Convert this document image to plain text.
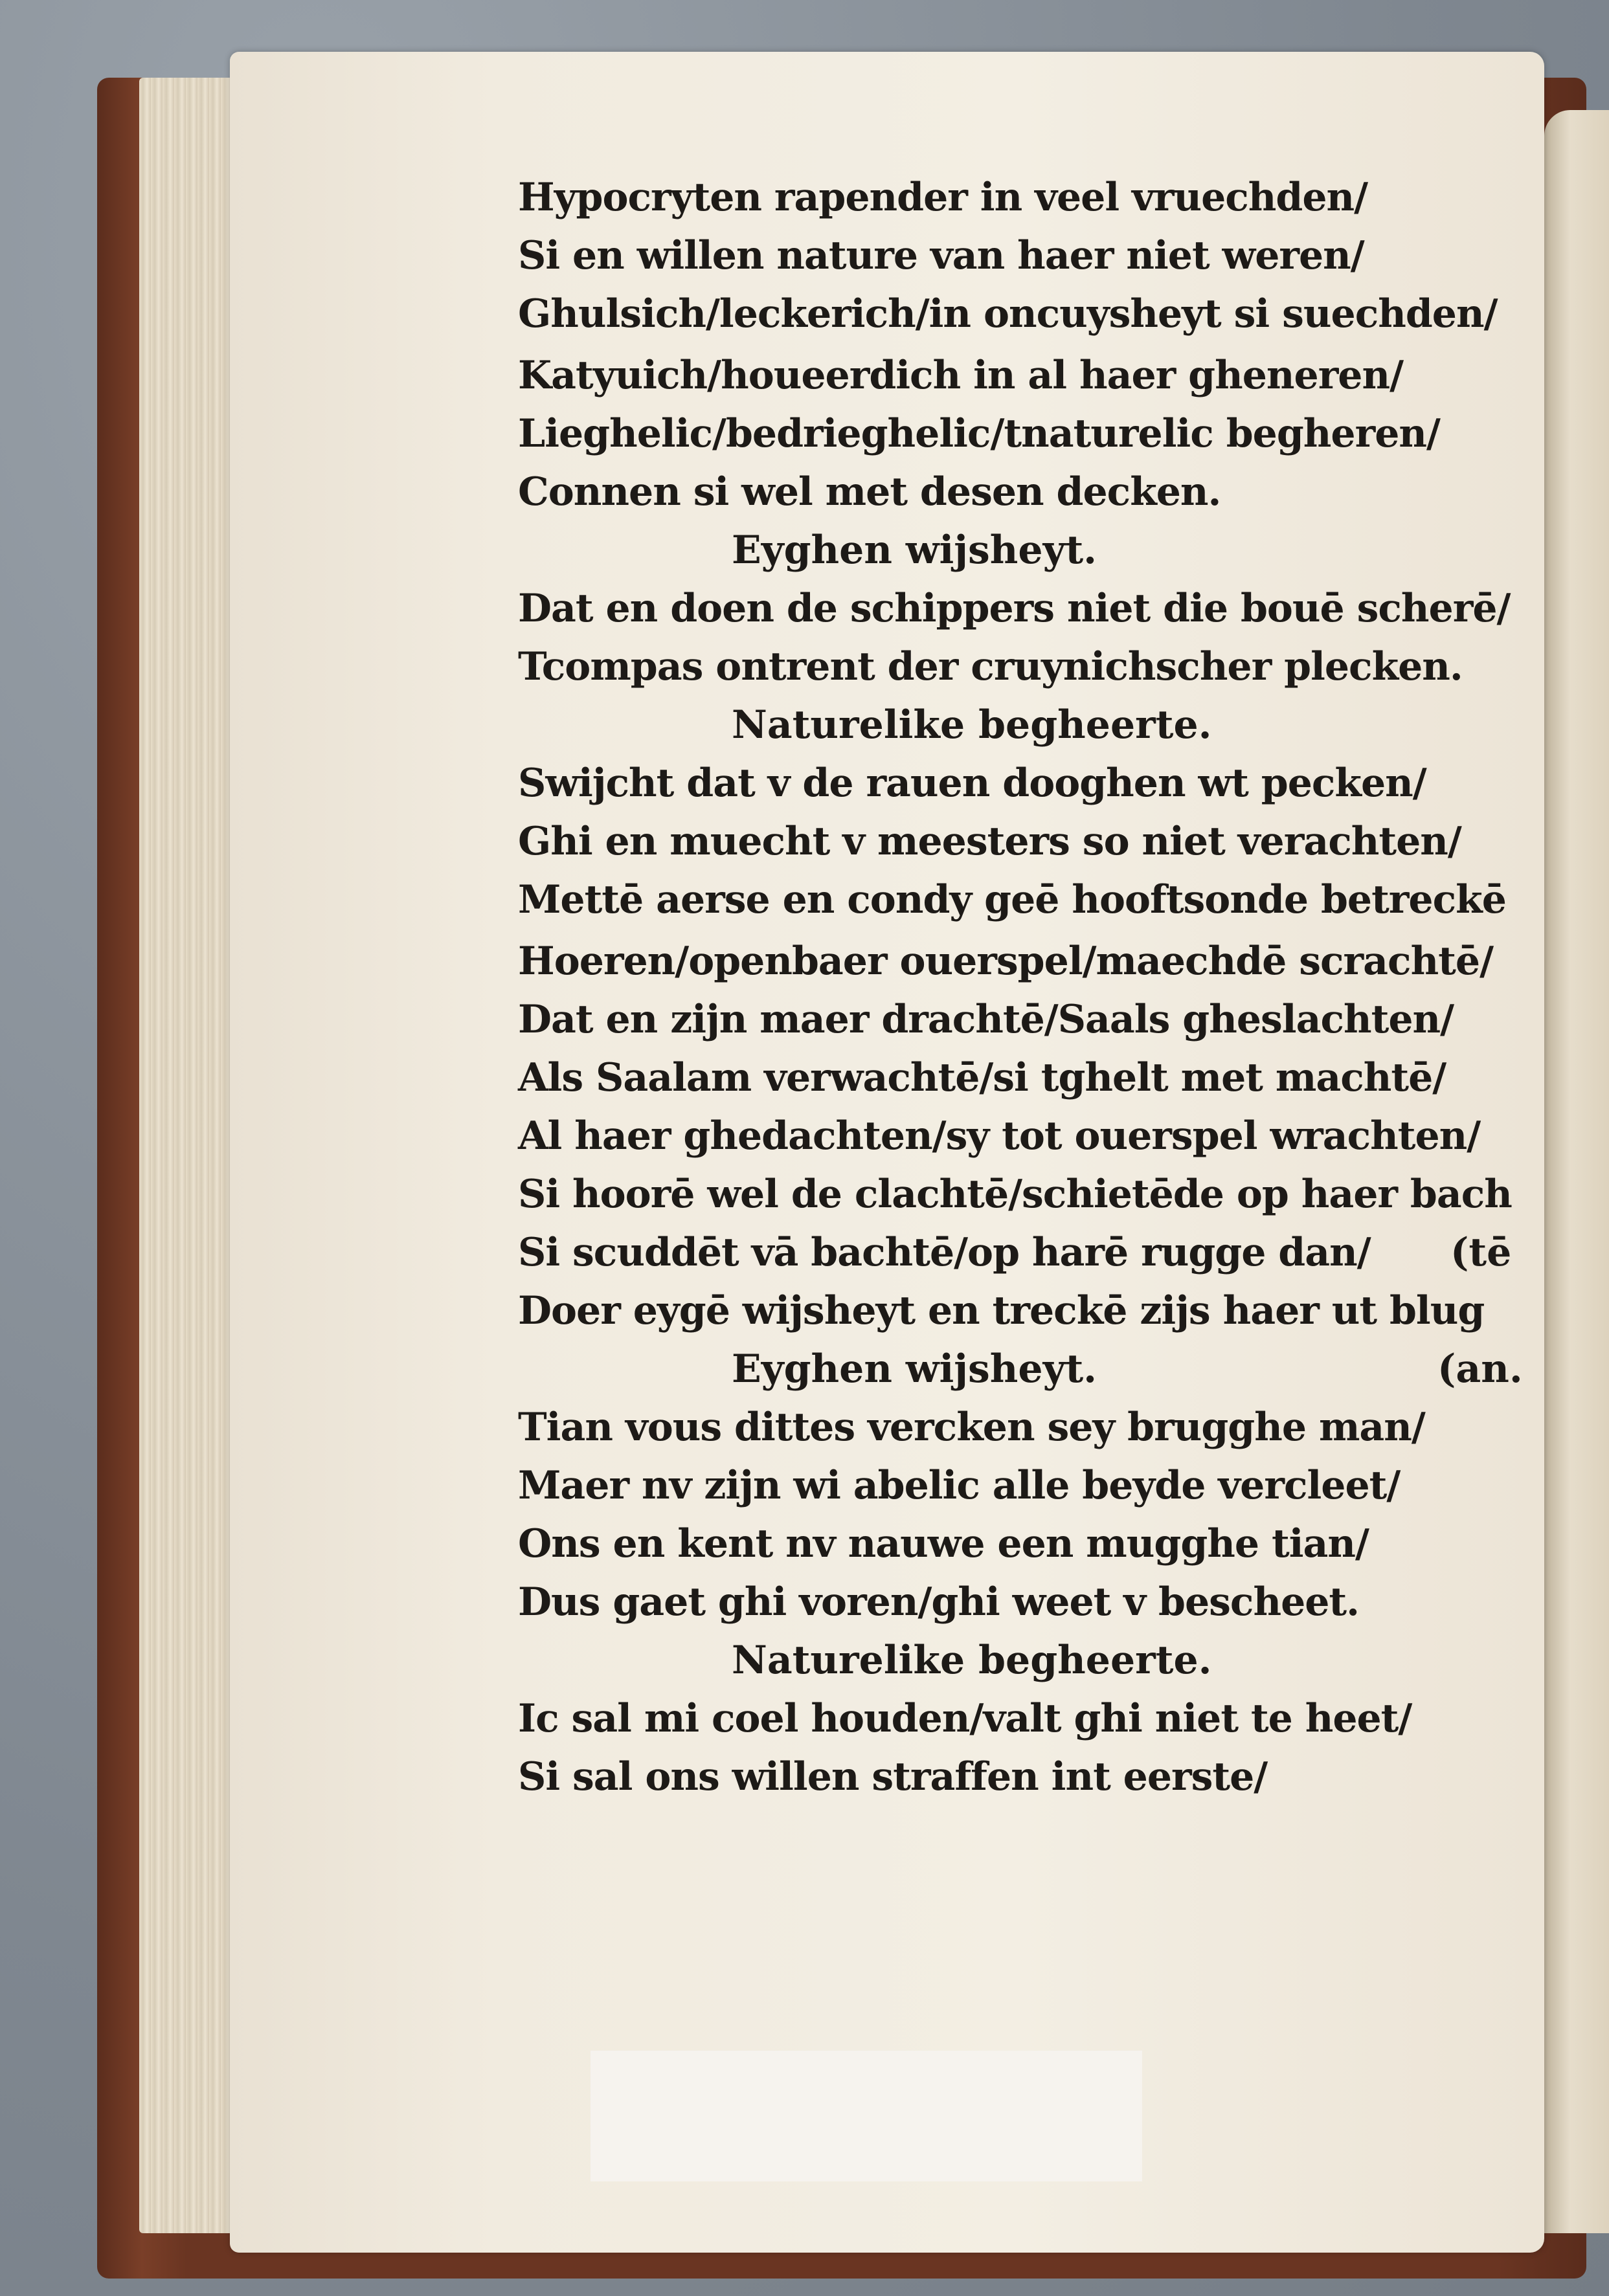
Hypocryten rapender in veel vruechden/
Si en willen nature van haer niet weren/
Ghulsich/leckerich/in oncuysheyt si suechden/
Katyuich/houeerdich in al haer gheneren/
Lieghelic/bedrieghelic/tnaturelic begheren/
Connen si wel met desen decken.
Eyghen wijsheyt.
Dat en doen de schippers niet die bouē scherē/
Tcompas ontrent der cruynichscher plecken.
Naturelike begheerte.
Swijcht dat v de rauen dooghen wt pecken/
Ghi en muecht v meesters so niet verachten/
Mettē aerse en condy geē hooftsonde betreckē
Hoeren/openbaer ouerspel/maechdē scrachtē/
Dat en zijn maer drachtē/Saals gheslachten/
Als Saalam verwachtē/si tghelt met machtē/
Al haer ghedachten/sy tot ouerspel wrachten/
Si hoorē wel de clachtē/schietēde op haer bach
Si scuddēt vā bachtē/op harē rugge dan/ (tē
Doer eygē wijsheyt en treckē zijs haer ut blug
Eyghen wijsheyt.	(an.
Tian vous dittes vercken sey brugghe man/
Maer nv zijn wi abelic alle beyde vercleet/
Ons en kent nv nauwe een mugghe tian/
Dus gaet ghi voren/ghi weet v bescheet.
Naturelike begheerte.
Ic sal mi coel houden/valt ghi niet te heet/
Si sal ons willen straffen int eerste/
